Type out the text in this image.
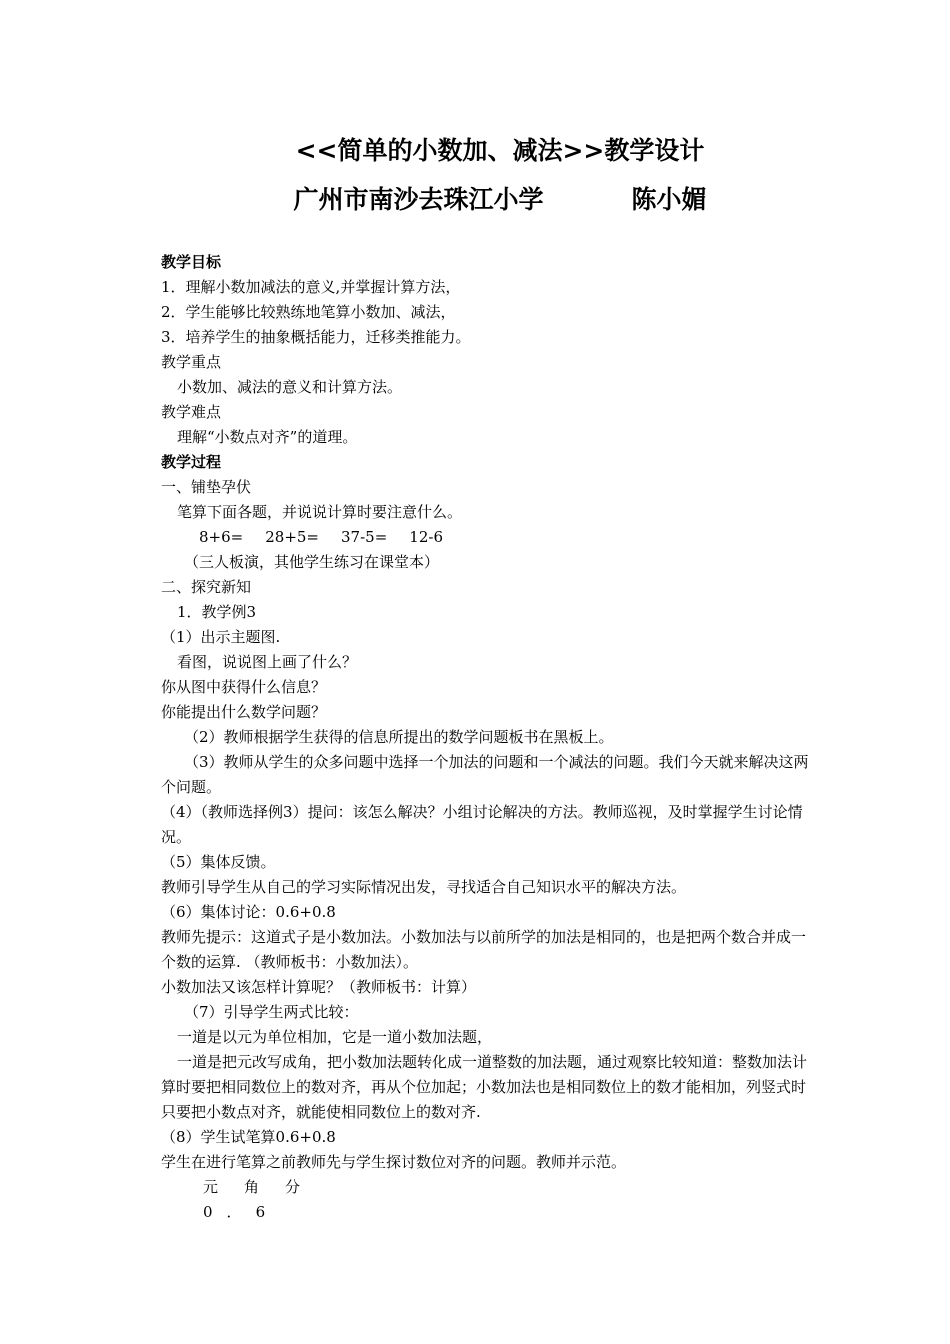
<<简单的小数加、减法>>教学设计
广州市南沙去珠江小学	陈小媚
教学目标
1．理解小数加减法的意义,并掌握计算方法，
2．学生能够比较熟练地笔算小数加、减法，
3．培养学生的抽象概括能力，迁移类推能力。
教学重点
小数加、减法的意义和计算方法。
教学难点
理解“小数点对齐”的道理。
教学过程
一、铺垫孕伏
笔算下面各题，并说说计算时要注意什么。
8+6= 28+5= 37-5= 12-6
（三人板演，其他学生练习在课堂本）
二、探究新知
1．教学例3
（1）出示主题图.
看图，说说图上画了什么？
你从图中获得什么信息？
你能提出什么数学问题？
（2）教师根据学生获得的信息所提出的数学问题板书在黑板上。
（3）教师从学生的众多问题中选择一个加法的问题和一个减法的问题。我们今天就来解决这两个问题。
（4）（教师选择例3）提问：该怎么解决？小组讨论解决的方法。教师巡视，及时掌握学生讨论情况。
（5）集体反馈。
教师引导学生从自己的学习实际情况出发，寻找适合自己知识水平的解决方法。
（6）集体讨论：0.6+0.8
教师先提示：这道式子是小数加法。小数加法与以前所学的加法是相同的，也是把两个数合并成一个数的运算. （教师板书：小数加法）。
小数加法又该怎样计算呢？（教师板书：计算）
（7）引导学生两式比较：
一道是以元为单位相加，它是一道小数加法题，
一道是把元改写成角，把小数加法题转化成一道整数的加法题，通过观察比较知道：整数加法计算时要把相同数位上的数对齐，再从个位加起；小数加法也是相同数位上的数才能相加，列竖式时只要把小数点对齐，就能使相同数位上的数对齐.
（8）学生试笔算0.6+0.8
学生在进行笔算之前教师先与学生探讨数位对齐的问题。教师并示范。
元 角 分
0 ． 6
